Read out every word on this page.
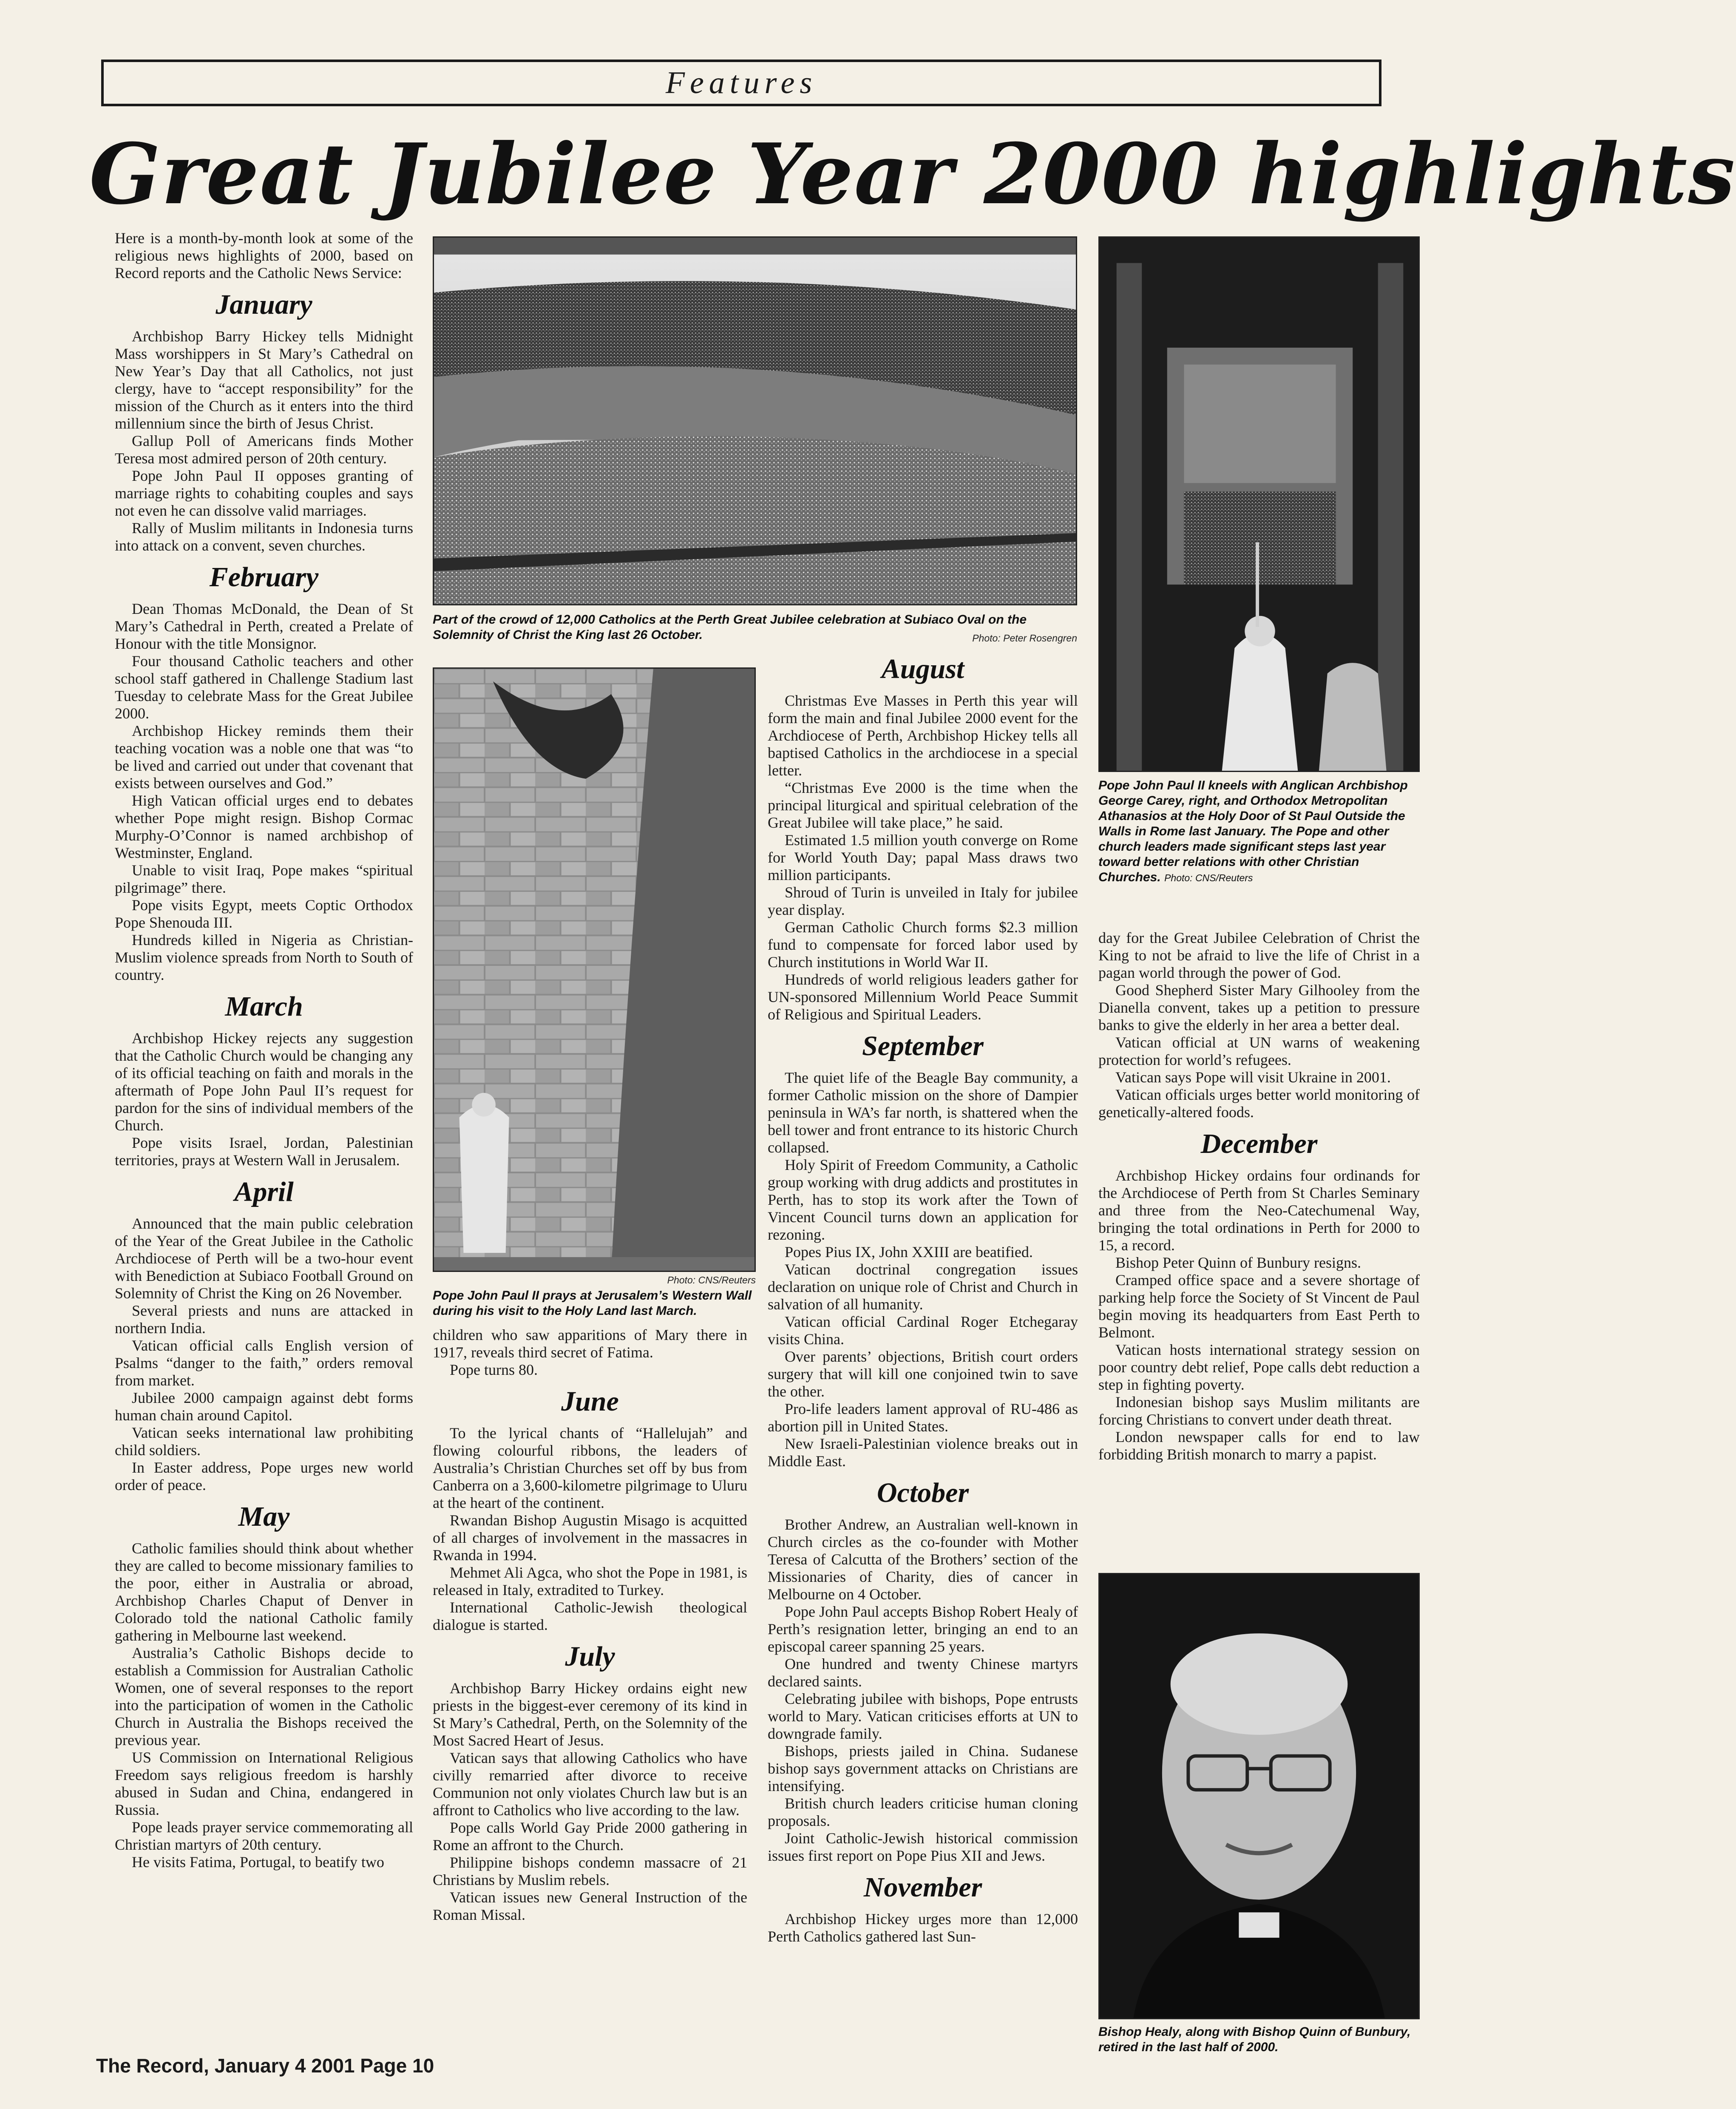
Features
Great Jubilee Year 2000 highlights

Here is a month-by-month look at some of the religious news highlights of 2000, based on Record reports and the Catholic News Service:

January

Archbishop Barry Hickey tells Midnight Mass worshippers in St Mary’s Cathedral on New Year’s Day that all Catholics, not just clergy, have to “accept responsibility” for the mission of the Church as it enters into the third millennium since the birth of Jesus Christ.

Gallup Poll of Americans finds Mother Teresa most admired person of 20th century.

Pope John Paul II opposes granting of marriage rights to cohabiting couples and says not even he can dissolve valid marriages.

Rally of Muslim militants in Indonesia turns into attack on a convent, seven churches.

February

Dean Thomas McDonald, the Dean of St Mary’s Cathedral in Perth, created a Prelate of Honour with the title Monsignor.

Four thousand Catholic teachers and other school staff gathered in Challenge Stadium last Tuesday to celebrate Mass for the Great Jubilee 2000.

Archbishop Hickey reminds them their teaching vocation was a noble one that was “to be lived and carried out under that covenant that exists between ourselves and God.”

High Vatican official urges end to debates whether Pope might resign. Bishop Cormac Murphy-O’Connor is named archbishop of Westminster, England.

Unable to visit Iraq, Pope makes “spiritual pilgrimage” there.

Pope visits Egypt, meets Coptic Orthodox Pope Shenouda III.

Hundreds killed in Nigeria as Christian-Muslim violence spreads from North to South of country.

March

Archbishop Hickey rejects any suggestion that the Catholic Church would be changing any of its official teaching on faith and morals in the aftermath of Pope John Paul II’s request for pardon for the sins of individual members of the Church.

Pope visits Israel, Jordan, Palestinian territories, prays at Western Wall in Jerusalem.

April

Announced that the main public celebration of the Year of the Great Jubilee in the Catholic Archdiocese of Perth will be a two-hour event with Benediction at Subiaco Football Ground on Solemnity of Christ the King on 26 November.

Several priests and nuns are attacked in northern India.

Vatican official calls English version of Psalms “danger to the faith,” orders removal from market.

Jubilee 2000 campaign against debt forms human chain around Capitol.

Vatican seeks international law prohibiting child soldiers.

In Easter address, Pope urges new world order of peace.

May

Catholic families should think about whether they are called to become missionary families to the poor, either in Australia or abroad, Archbishop Charles Chaput of Denver in Colorado told the national Catholic family gathering in Melbourne last weekend.

Australia’s Catholic Bishops decide to establish a Commission for Australian Catholic Women, one of several responses to the report into the participation of women in the Catholic Church in Australia the Bishops received the previous year.

US Commission on International Religious Freedom says religious freedom is harshly abused in Sudan and China, endangered in Russia.

Pope leads prayer service commemorating all Christian martyrs of 20th century.

He visits Fatima, Portugal, to beatify two

Part of the crowd of 12,000 Catholics at the Perth Great Jubilee celebration at Subiaco Oval on the Solemnity of Christ the King last 26 October.	Photo: Peter Rosengren
Pope John Paul II kneels with Anglican Archbishop George Carey, right, and Orthodox Metropolitan Athanasios at the Holy Door of St Paul Outside the Walls in Rome last January. The Pope and other church leaders made significant steps last year toward better relations with other Christian Churches. Photo: CNS/Reuters
Photo: CNS/Reuters
Pope John Paul II prays at Jerusalem’s Western Wall during his visit to the Holy Land last March.

children who saw apparitions of Mary there in 1917, reveals third secret of Fatima.

Pope turns 80.

June

To the lyrical chants of “Hallelujah” and flowing colourful ribbons, the leaders of Australia’s Christian Churches set off by bus from Canberra on a 3,600-kilometre pilgrimage to Uluru at the heart of the continent.

Rwandan Bishop Augustin Misago is acquitted of all charges of involvement in the massacres in Rwanda in 1994.

Mehmet Ali Agca, who shot the Pope in 1981, is released in Italy, extradited to Turkey.

International Catholic-Jewish theological dialogue is started.

July

Archbishop Barry Hickey ordains eight new priests in the biggest-ever ceremony of its kind in St Mary’s Cathedral, Perth, on the Solemnity of the Most Sacred Heart of Jesus.

Vatican says that allowing Catholics who have civilly remarried after divorce to receive Communion not only violates Church law but is an affront to Catholics who live according to the law.

Pope calls World Gay Pride 2000 gathering in Rome an affront to the Church.

Philippine bishops condemn massacre of 21 Christians by Muslim rebels.

Vatican issues new General Instruction of the Roman Missal.

August

Christmas Eve Masses in Perth this year will form the main and final Jubilee 2000 event for the Archdiocese of Perth, Archbishop Hickey tells all baptised Catholics in the archdiocese in a special letter.

“Christmas Eve 2000 is the time when the principal liturgical and spiritual celebration of the Great Jubilee will take place,” he said.

Estimated 1.5 million youth converge on Rome for World Youth Day; papal Mass draws two million participants.

Shroud of Turin is unveiled in Italy for jubilee year display.

German Catholic Church forms $2.3 million fund to compensate for forced labor used by Church institutions in World War II.

Hundreds of world religious leaders gather for UN-sponsored Millennium World Peace Summit of Religious and Spiritual Leaders.

September

The quiet life of the Beagle Bay community, a former Catholic mission on the shore of Dampier peninsula in WA’s far north, is shattered when the bell tower and front entrance to its historic Church collapsed.

Holy Spirit of Freedom Community, a Catholic group working with drug addicts and prostitutes in Perth, has to stop its work after the Town of Vincent Council turns down an application for rezoning.

Popes Pius IX, John XXIII are beatified.

Vatican doctrinal congregation issues declaration on unique role of Christ and Church in salvation of all humanity.

Vatican official Cardinal Roger Etchegaray visits China.

Over parents’ objections, British court orders surgery that will kill one conjoined twin to save the other.

Pro-life leaders lament approval of RU-486 as abortion pill in United States.

New Israeli-Palestinian violence breaks out in Middle East.

October

Brother Andrew, an Australian well-known in Church circles as the co-founder with Mother Teresa of Calcutta of the Brothers’ section of the Missionaries of Charity, dies of cancer in Melbourne on 4 October.

Pope John Paul accepts Bishop Robert Healy of Perth’s resignation letter, bringing an end to an episcopal career spanning 25 years.

One hundred and twenty Chinese martyrs declared saints.

Celebrating jubilee with bishops, Pope entrusts world to Mary. Vatican criticises efforts at UN to downgrade family.

Bishops, priests jailed in China. Sudanese bishop says government attacks on Christians are intensifying.

British church leaders criticise human cloning proposals.

Joint Catholic-Jewish historical commission issues first report on Pope Pius XII and Jews.

November

Archbishop Hickey urges more than 12,000 Perth Catholics gathered last Sun-

day for the Great Jubilee Celebration of Christ the King to not be afraid to live the life of Christ in a pagan world through the power of God.

Good Shepherd Sister Mary Gilhooley from the Dianella convent, takes up a petition to pressure banks to give the elderly in her area a better deal.

Vatican official at UN warns of weakening protection for world’s refugees.

Vatican says Pope will visit Ukraine in 2001.

Vatican officials urges better world monitoring of genetically-altered foods.

December

Archbishop Hickey ordains four ordinands for the Archdiocese of Perth from St Charles Seminary and three from the Neo-Catechumenal Way, bringing the total ordinations in Perth for 2000 to 15, a record.

Bishop Peter Quinn of Bunbury resigns.

Cramped office space and a severe shortage of parking help force the Society of St Vincent de Paul begin moving its headquarters from East Perth to Belmont.

Vatican hosts international strategy session on poor country debt relief, Pope calls debt reduction a step in fighting poverty.

Indonesian bishop says Muslim militants are forcing Christians to convert under death threat.

London newspaper calls for end to law forbidding British monarch to marry a papist.

Bishop Healy, along with Bishop Quinn of Bunbury, retired in the last half of 2000.
The Record, January 4 2001 Page 10
